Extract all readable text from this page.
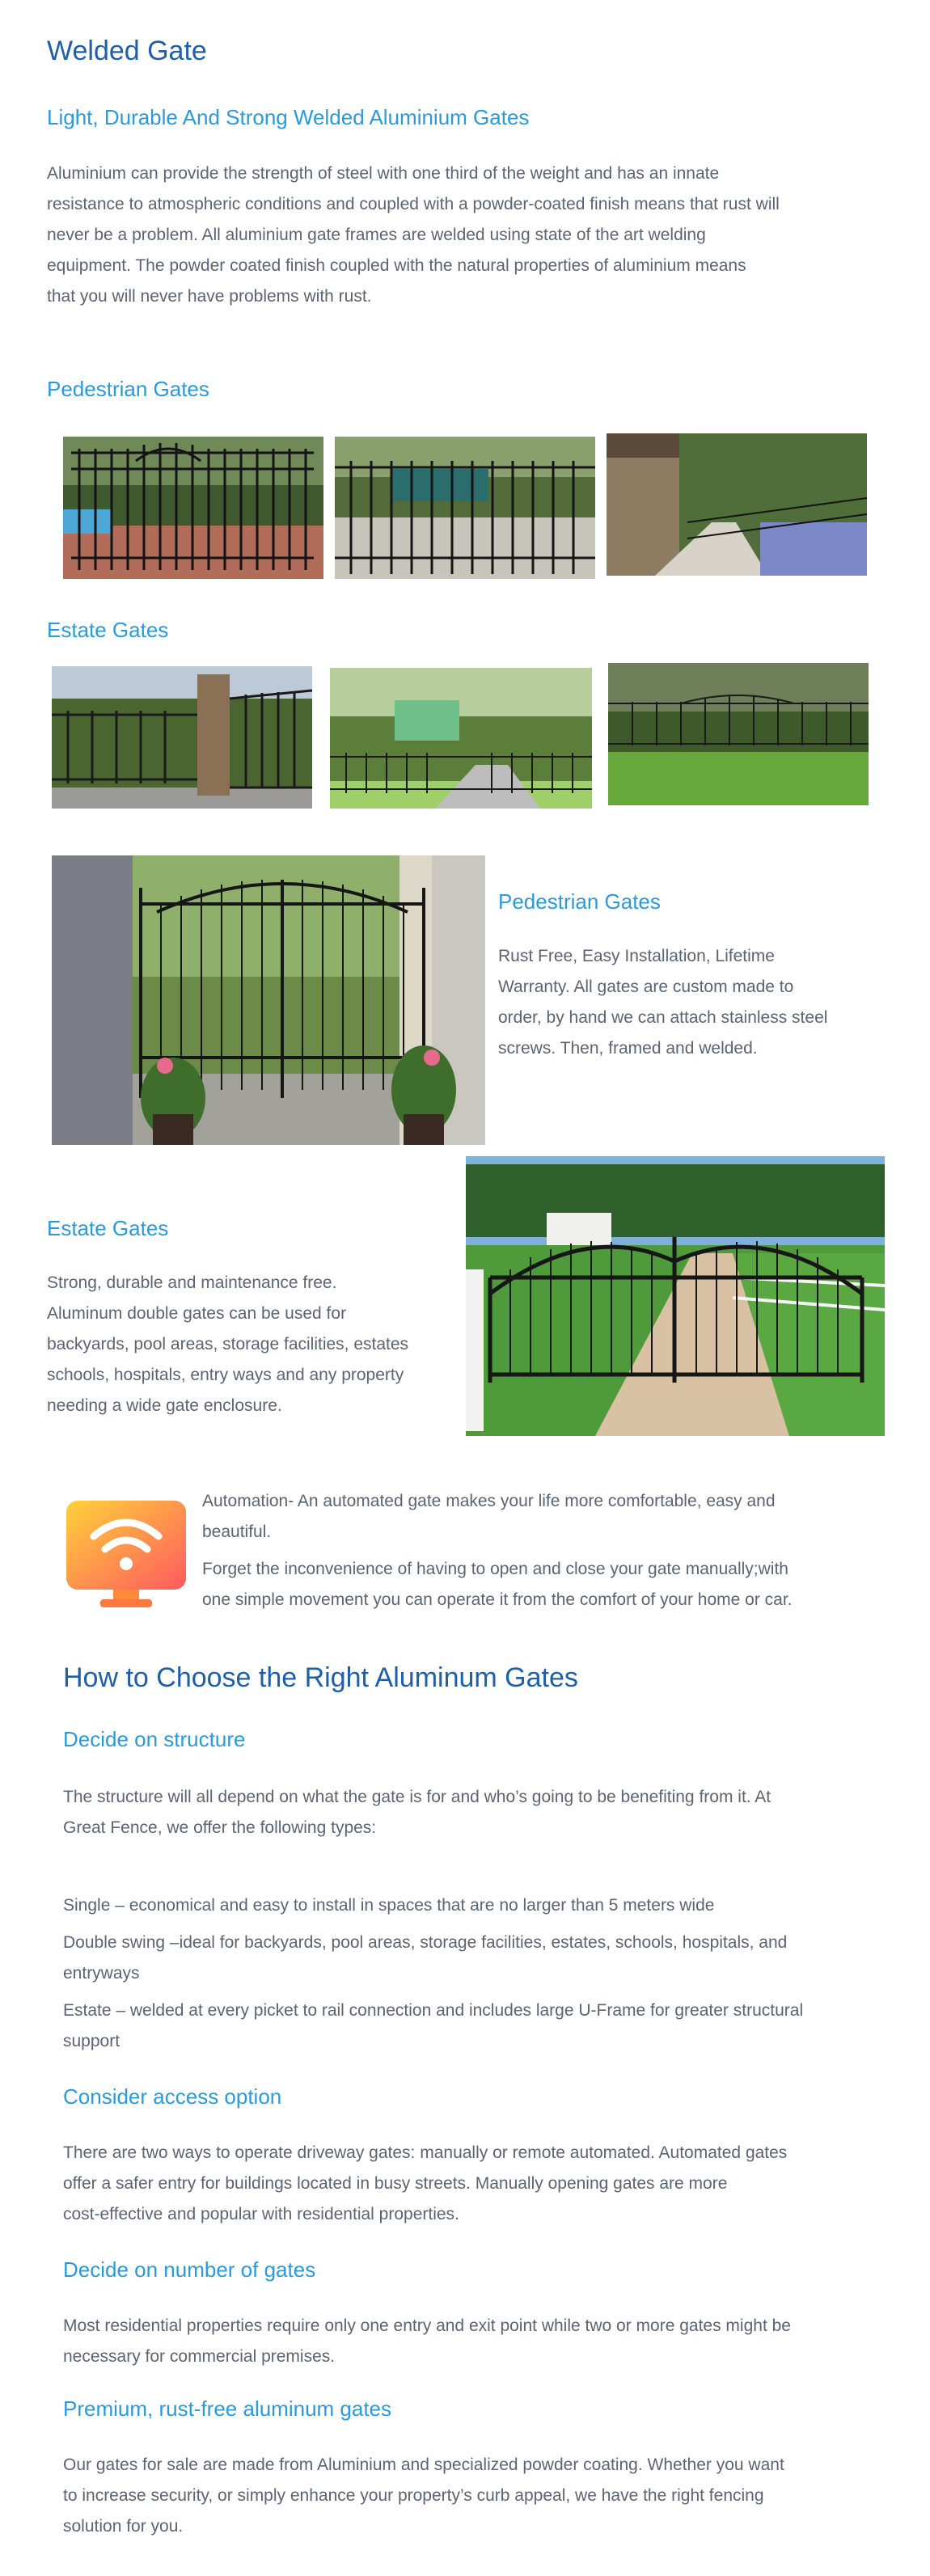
Welded Gate
Light, Durable And Strong Welded Aluminium Gates

Aluminium can provide the strength of steel with one third of the weight and has an innate

resistance to atmospheric conditions and coupled with a powder-coated finish means that rust will

never be a problem. All aluminium gate frames are welded using state of the art welding

equipment. The powder coated finish coupled with the natural properties of aluminium means

that you will never have problems with rust.

Pedestrian Gates
Estate Gates
Pedestrian Gates

Rust Free, Easy Installation, Lifetime

Warranty. All gates are custom made to

order, by hand we can attach stainless steel

screws. Then, framed and welded.

Estate Gates

Strong, durable and maintenance free.

Aluminum double gates can be used for

backyards, pool areas, storage facilities, estates

schools, hospitals, entry ways and any property

needing a wide gate enclosure.

Automation- An automated gate makes your life more comfortable, easy and

beautiful.

Forget the inconvenience of having to open and close your gate manually;with

one simple movement you can operate it from the comfort of your home or car.

How to Choose the Right Aluminum Gates
Decide on structure

The structure will all depend on what the gate is for and who’s going to be benefiting from it. At

Great Fence, we offer the following types:

Single – economical and easy to install in spaces that are no larger than 5 meters wide

Double swing –ideal for backyards, pool areas, storage facilities, estates, schools, hospitals, and

entryways

Estate – welded at every picket to rail connection and includes large U-Frame for greater structural

support

Consider access option

There are two ways to operate driveway gates: manually or remote automated. Automated gates

offer a safer entry for buildings located in busy streets. Manually opening gates are more

cost-effective and popular with residential properties.

Decide on number of gates

Most residential properties require only one entry and exit point while two or more gates might be

necessary for commercial premises.

Premium, rust-free aluminum gates

Our gates for sale are made from Aluminium and specialized powder coating. Whether you want

to increase security, or simply enhance your property’s curb appeal, we have the right fencing

solution for you.
